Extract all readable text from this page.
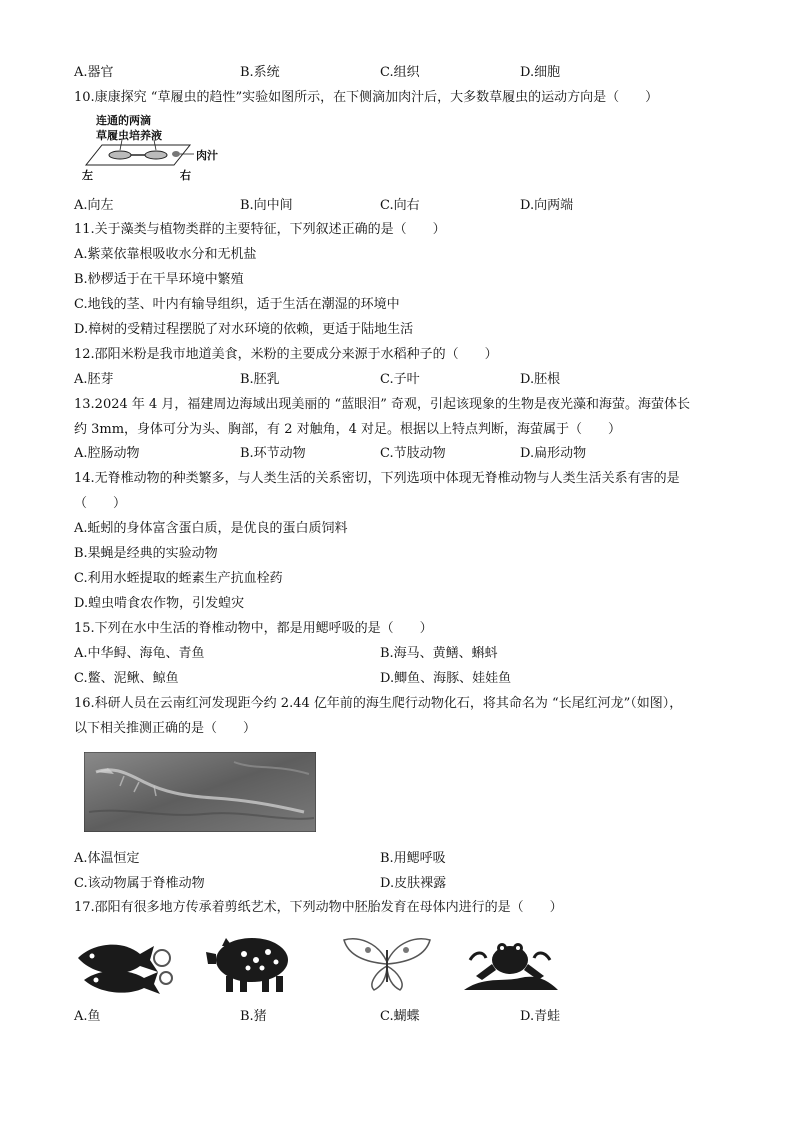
A.器官	B.系统	C.组织	D.细胞
10.康康探究 “草履虫的趋性”实验如图所示，在下侧滴加肉汁后，大多数草履虫的运动方向是（　　）
连通的两滴
草履虫培养液
肉汁
左	右
A.向左	B.向中间	C.向右	D.向两端
11.关于藻类与植物类群的主要特征，下列叙述正确的是（　　）
A.紫菜依靠根吸收水分和无机盐
B.桫椤适于在干旱环境中繁殖
C.地钱的茎、叶内有输导组织，适于生活在潮湿的环境中
D.樟树的受精过程摆脱了对水环境的依赖，更适于陆地生活
12.邵阳米粉是我市地道美食，米粉的主要成分来源于水稻种子的（　　）
A.胚芽	B.胚乳	C.子叶	D.胚根
13.2024 年 4 月，福建周边海域出现美丽的 “蓝眼泪” 奇观，引起该现象的生物是夜光藻和海萤。海萤体长
约 3mm，身体可分为头、胸部，有 2 对触角，4 对足。根据以上特点判断，海萤属于（　　）
A.腔肠动物	B.环节动物	C.节肢动物	D.扁形动物
14.无脊椎动物的种类繁多，与人类生活的关系密切，下列选项中体现无脊椎动物与人类生活关系有害的是
（　　）
A.蚯蚓的身体富含蛋白质，是优良的蛋白质饲料
B.果蝇是经典的实验动物
C.利用水蛭提取的蛭素生产抗血栓药
D.蝗虫啃食农作物，引发蝗灾
15.下列在水中生活的脊椎动物中，都是用鳃呼吸的是（　　）
A.中华鲟、海龟、青鱼	B.海马、黄鳝、蝌蚪
C.鳖、泥鳅、鲸鱼	D.鲫鱼、海豚、娃娃鱼
16.科研人员在云南红河发现距今约 2.44 亿年前的海生爬行动物化石，将其命名为 “长尾红河龙”（如图），
以下相关推测正确的是（　　）
A.体温恒定	B.用鳃呼吸
C.该动物属于脊椎动物	D.皮肤裸露
17.邵阳有很多地方传承着剪纸艺术，下列动物中胚胎发育在母体内进行的是（　　）
A.鱼	B.猪	C.蝴蝶	D.青蛙
